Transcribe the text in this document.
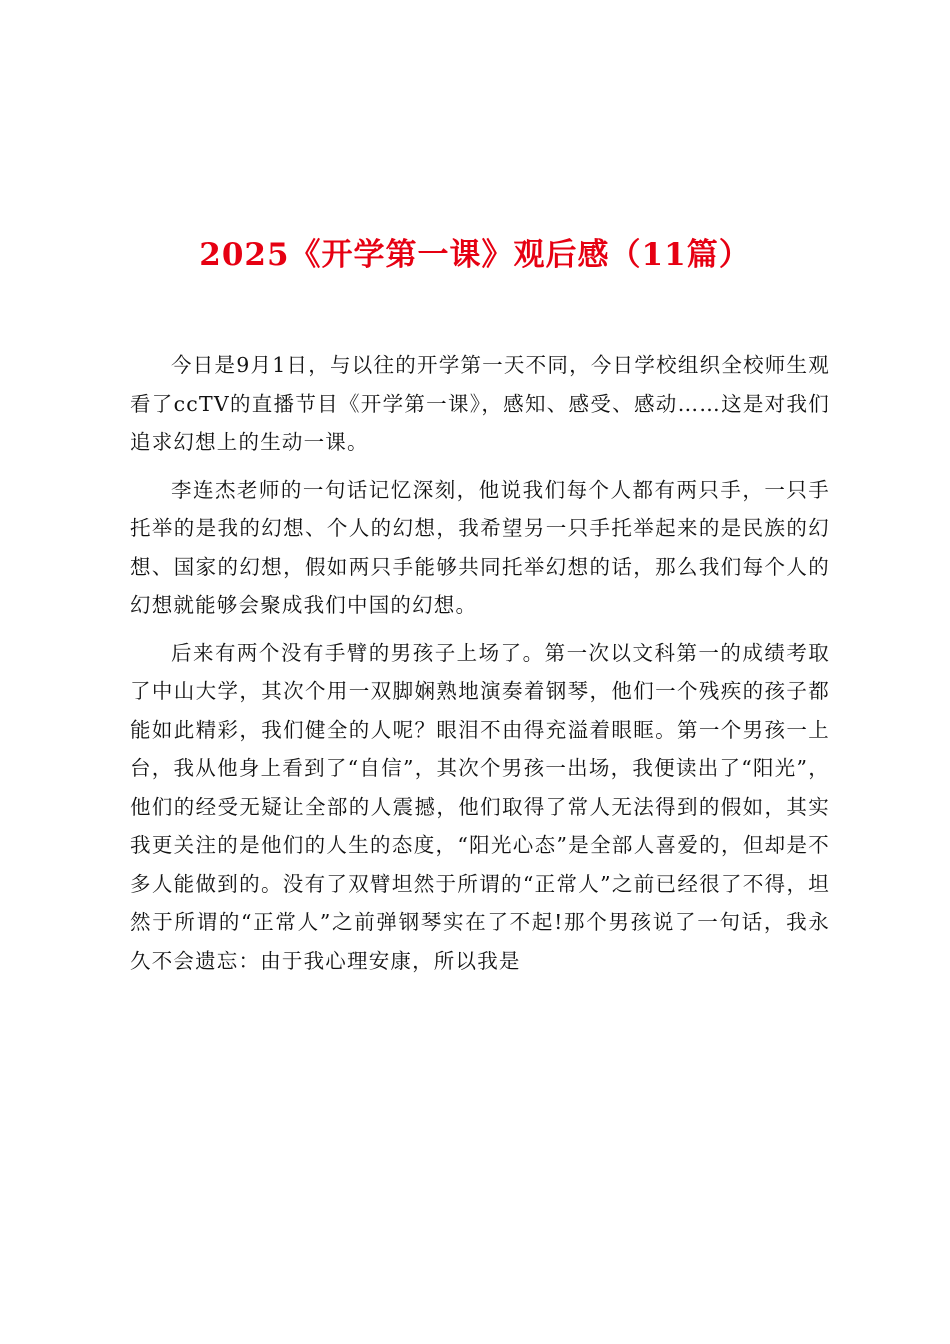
2025《开学第一课》观后感（11篇）

今日是9月1日，与以往的开学第一天不同，今日学校组织全校师生观看了ccTV的直播节目《开学第一课》，感知、感受、感动……这是对我们追求幻想上的生动一课。

李连杰老师的一句话记忆深刻，他说我们每个人都有两只手，一只手托举的是我的幻想、个人的幻想，我希望另一只手托举起来的是民族的幻想、国家的幻想，假如两只手能够共同托举幻想的话，那么我们每个人的幻想就能够会聚成我们中国的幻想。

后来有两个没有手臂的男孩子上场了。第一次以文科第一的成绩考取了中山大学，其次个用一双脚娴熟地演奏着钢琴，他们一个残疾的孩子都能如此精彩，我们健全的人呢？眼泪不由得充溢着眼眶。第一个男孩一上台，我从他身上看到了“自信”，其次个男孩一出场，我便读出了“阳光”，他们的经受无疑让全部的人震撼，他们取得了常人无法得到的假如，其实我更关注的是他们的人生的态度，“阳光心态”是全部人喜爱的，但却是不多人能做到的。没有了双臂坦然于所谓的“正常人”之前已经很了不得，坦然于所谓的“正常人”之前弹钢琴实在了不起!那个男孩说了一句话，我永久不会遗忘：由于我心理安康，所以我是
